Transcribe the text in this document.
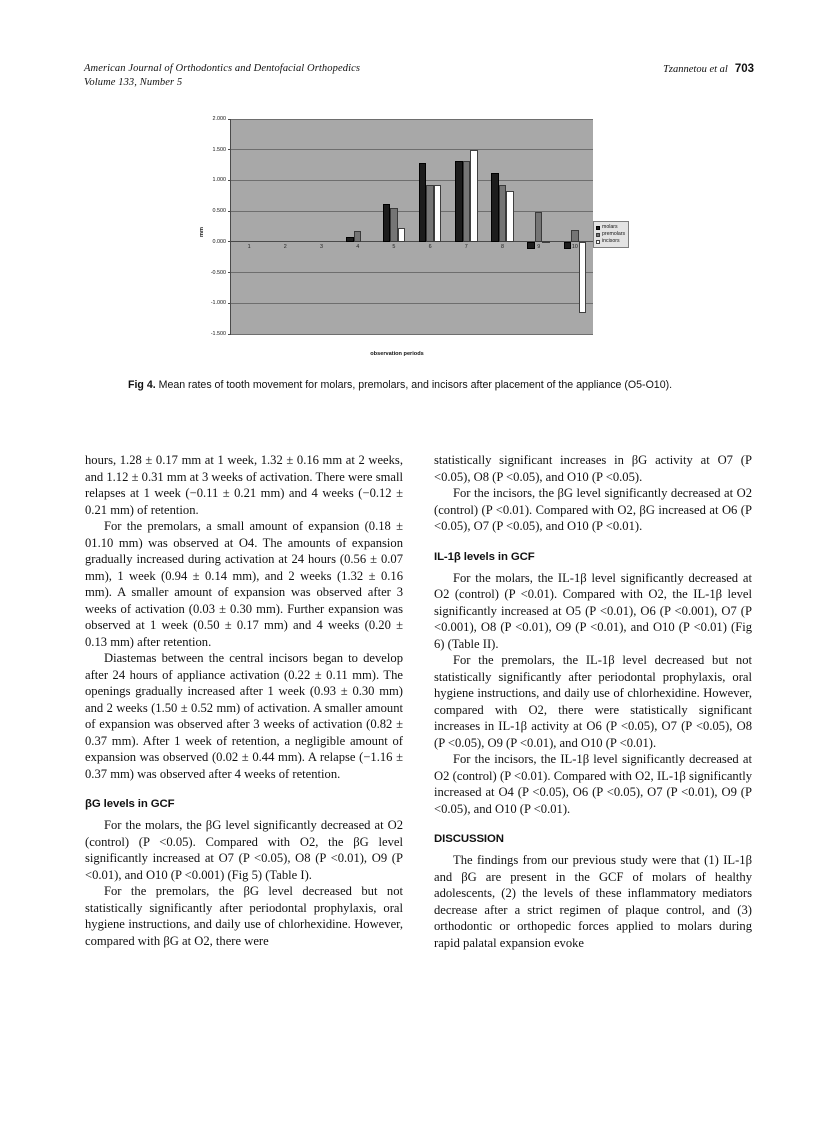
American Journal of Orthodontics and Dentofacial Orthopedics
Volume 133, Number 5
Tzannetou et al 703
1	2	3	4	5	6	7	8	9	10
mm
observation periods
molars
premolars
incisors
2.000
1.500
1.000
0.500
0.000
-0.500
-1.000
-1.500
Fig 4. Mean rates of tooth movement for molars, premolars, and incisors after placement of the appliance (O5-O10).

hours, 1.28 ± 0.17 mm at 1 week, 1.32 ± 0.16 mm at 2 weeks, and 1.12 ± 0.31 mm at 3 weeks of activation. There were small relapses at 1 week (−0.11 ± 0.21 mm) and 4 weeks (−0.12 ± 0.21 mm) of retention.

For the premolars, a small amount of expansion (0.18 ± 01.10 mm) was observed at O4. The amounts of expansion gradually increased during activation at 24 hours (0.56 ± 0.07 mm), 1 week (0.94 ± 0.14 mm), and 2 weeks (1.32 ± 0.16 mm). A smaller amount of expansion was observed after 3 weeks of activation (0.03 ± 0.30 mm). Further expansion was observed at 1 week (0.50 ± 0.17 mm) and 4 weeks (0.20 ± 0.13 mm) after retention.

Diastemas between the central incisors began to develop after 24 hours of appliance activation (0.22 ± 0.11 mm). The openings gradually increased after 1 week (0.93 ± 0.30 mm) and 2 weeks (1.50 ± 0.52 mm) of activation. A smaller amount of expansion was observed after 3 weeks of activation (0.82 ± 0.37 mm). After 1 week of retention, a negligible amount of expansion was observed (0.02 ± 0.44 mm). A relapse (−1.16 ± 0.37 mm) was observed after 4 weeks of retention.

βG levels in GCF

For the molars, the βG level significantly decreased at O2 (control) (P <0.05). Compared with O2, the βG level significantly increased at O7 (P <0.05), O8 (P <0.01), O9 (P <0.01), and O10 (P <0.001) (Fig 5) (Table I).

For the premolars, the βG level decreased but not statistically significantly after periodontal prophylaxis, oral hygiene instructions, and daily use of chlorhexidine. However, compared with βG at O2, there were

statistically significant increases in βG activity at O7 (P <0.05), O8 (P <0.05), and O10 (P <0.05).

For the incisors, the βG level significantly decreased at O2 (control) (P <0.01). Compared with O2, βG increased at O6 (P <0.05), O7 (P <0.05), and O10 (P <0.01).

IL-1β levels in GCF

For the molars, the IL-1β level significantly decreased at O2 (control) (P <0.01). Compared with O2, the IL-1β level significantly increased at O5 (P <0.01), O6 (P <0.001), O7 (P <0.001), O8 (P <0.01), O9 (P <0.01), and O10 (P <0.01) (Fig 6) (Table II).

For the premolars, the IL-1β level decreased but not statistically significantly after periodontal prophylaxis, oral hygiene instructions, and daily use of chlorhexidine. However, compared with O2, there were statistically significant increases in IL-1β activity at O6 (P <0.05), O7 (P <0.05), O8 (P <0.05), O9 (P <0.01), and O10 (P <0.01).

For the incisors, the IL-1β level significantly decreased at O2 (control) (P <0.01). Compared with O2, IL-1β significantly increased at O4 (P <0.05), O6 (P <0.05), O7 (P <0.01), O9 (P <0.05), and O10 (P <0.01).

DISCUSSION

The findings from our previous study were that (1) IL-1β and βG are present in the GCF of molars of healthy adolescents, (2) the levels of these inflammatory mediators decrease after a strict regimen of plaque control, and (3) orthodontic or orthopedic forces applied to molars during rapid palatal expansion evoke
